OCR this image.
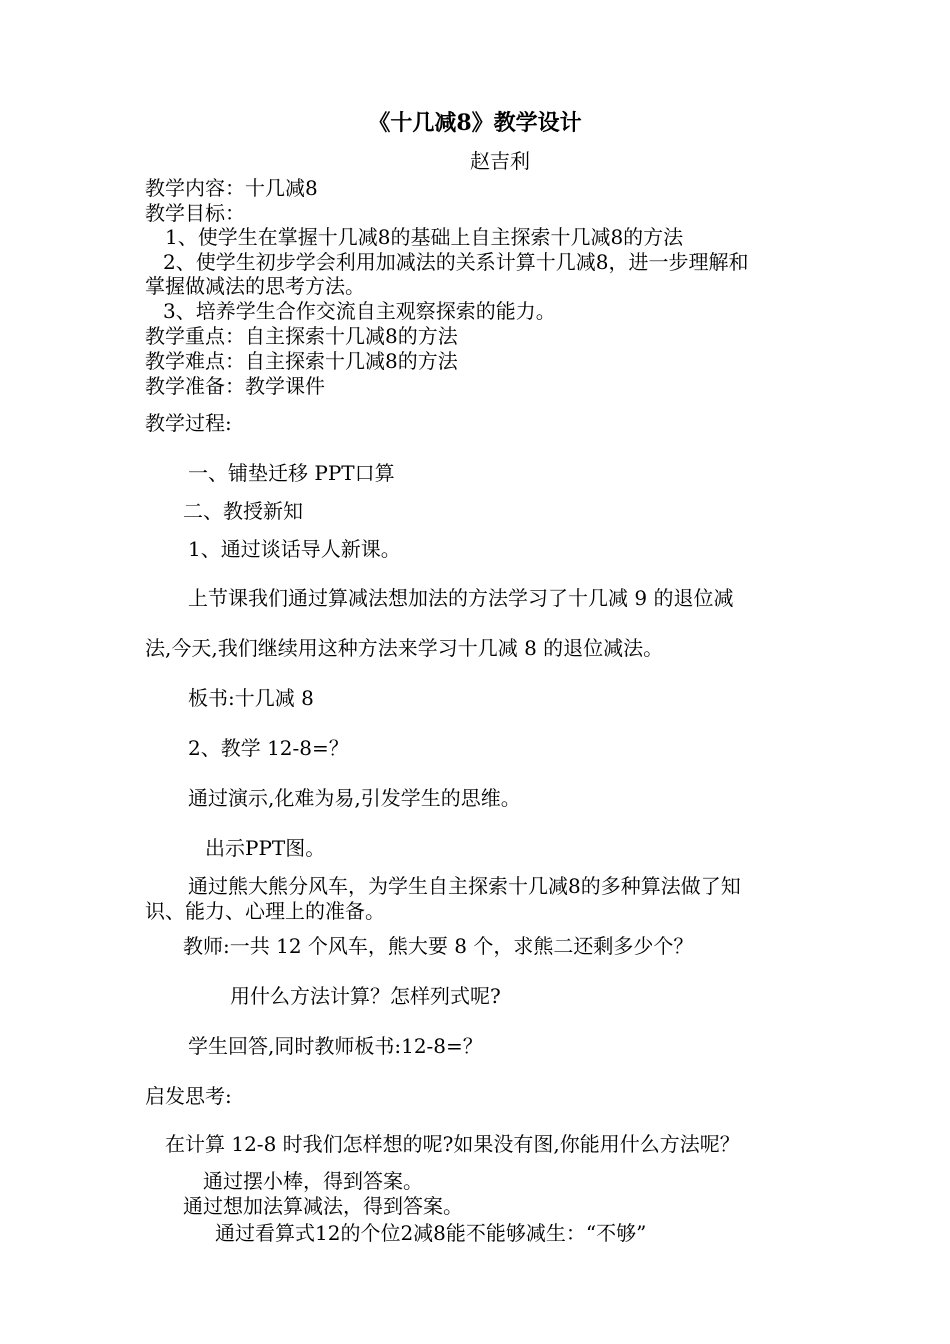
《十几减8》教学设计
赵吉利
教学内容：十几减8
教学目标：
1、使学生在掌握十几减8的基础上自主探索十几减8的方法
2、使学生初步学会利用加减法的关系计算十几减8，进一步理解和
掌握做减法的思考方法。
3、培养学生合作交流自主观察探索的能力。
教学重点：自主探索十几减8的方法
教学难点：自主探索十几减8的方法
教学准备：教学课件
教学过程:
一、铺垫迁移 PPT口算
二、教授新知
1、通过谈话导人新课。
上节课我们通过算减法想加法的方法学习了十几减 9 的退位减
法,今天,我们继续用这种方法来学习十几减 8 的退位减法。
板书:十几减 8
2、教学 12-8=？
通过演示,化难为易,引发学生的思维。
出示PPT图。
通过熊大熊分风车，为学生自主探索十几减8的多种算法做了知
识、能力、心理上的准备。
教师:一共 12 个风车，熊大要 8 个，求熊二还剩多少个？
用什么方法计算？怎样列式呢?
学生回答,同时教师板书:12-8=？
启发思考:
在计算 12-8 时我们怎样想的呢?如果没有图,你能用什么方法呢？
通过摆小棒，得到答案。
通过想加法算减法，得到答案。
通过看算式12的个位2减8能不能够减生：“不够”
